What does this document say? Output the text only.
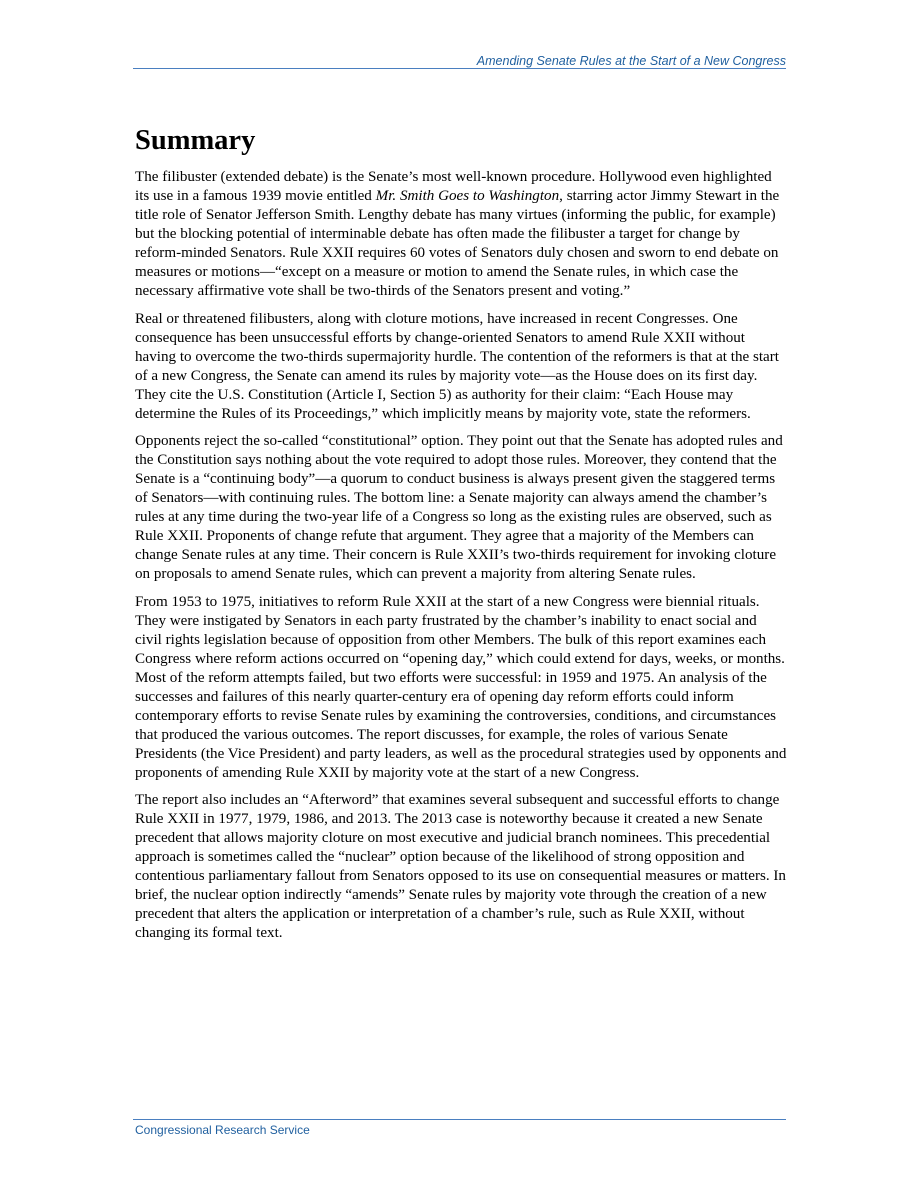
Amending Senate Rules at the Start of a New Congress
Summary

The filibuster (extended debate) is the Senate’s most well-known procedure. Hollywood even highlighted its use in a famous 1939 movie entitled Mr. Smith Goes to Washington, starring actor Jimmy Stewart in the title role of Senator Jefferson Smith. Lengthy debate has many virtues (informing the public, for example) but the blocking potential of interminable debate has often made the filibuster a target for change by reform-minded Senators. Rule XXII requires 60 votes of Senators duly chosen and sworn to end debate on measures or motions—“except on a measure or motion to amend the Senate rules, in which case the necessary affirmative vote shall be two-thirds of the Senators present and voting.”

Real or threatened filibusters, along with cloture motions, have increased in recent Congresses. One consequence has been unsuccessful efforts by change-oriented Senators to amend Rule XXII without having to overcome the two-thirds supermajority hurdle. The contention of the reformers is that at the start of a new Congress, the Senate can amend its rules by majority vote—as the House does on its first day. They cite the U.S. Constitution (Article I, Section 5) as authority for their claim: “Each House may determine the Rules of its Proceedings,” which implicitly means by majority vote, state the reformers.

Opponents reject the so-called “constitutional” option. They point out that the Senate has adopted rules and the Constitution says nothing about the vote required to adopt those rules. Moreover, they contend that the Senate is a “continuing body”—a quorum to conduct business is always present given the staggered terms of Senators—with continuing rules. The bottom line: a Senate majority can always amend the chamber’s rules at any time during the two-year life of a Congress so long as the existing rules are observed, such as Rule XXII. Proponents of change refute that argument. They agree that a majority of the Members can change Senate rules at any time. Their concern is Rule XXII’s two-thirds requirement for invoking cloture on proposals to amend Senate rules, which can prevent a majority from altering Senate rules.

From 1953 to 1975, initiatives to reform Rule XXII at the start of a new Congress were biennial rituals. They were instigated by Senators in each party frustrated by the chamber’s inability to enact social and civil rights legislation because of opposition from other Members. The bulk of this report examines each Congress where reform actions occurred on “opening day,” which could extend for days, weeks, or months. Most of the reform attempts failed, but two efforts were successful: in 1959 and 1975. An analysis of the successes and failures of this nearly quarter-century era of opening day reform efforts could inform contemporary efforts to revise Senate rules by examining the controversies, conditions, and circumstances that produced the various outcomes. The report discusses, for example, the roles of various Senate Presidents (the Vice President) and party leaders, as well as the procedural strategies used by opponents and proponents of amending Rule XXII by majority vote at the start of a new Congress.

The report also includes an “Afterword” that examines several subsequent and successful efforts to change Rule XXII in 1977, 1979, 1986, and 2013. The 2013 case is noteworthy because it created a new Senate precedent that allows majority cloture on most executive and judicial branch nominees. This precedential approach is sometimes called the “nuclear” option because of the likelihood of strong opposition and contentious parliamentary fallout from Senators opposed to its use on consequential measures or matters. In brief, the nuclear option indirectly “amends” Senate rules by majority vote through the creation of a new precedent that alters the application or interpretation of a chamber’s rule, such as Rule XXII, without changing its formal text.

Congressional Research Service
